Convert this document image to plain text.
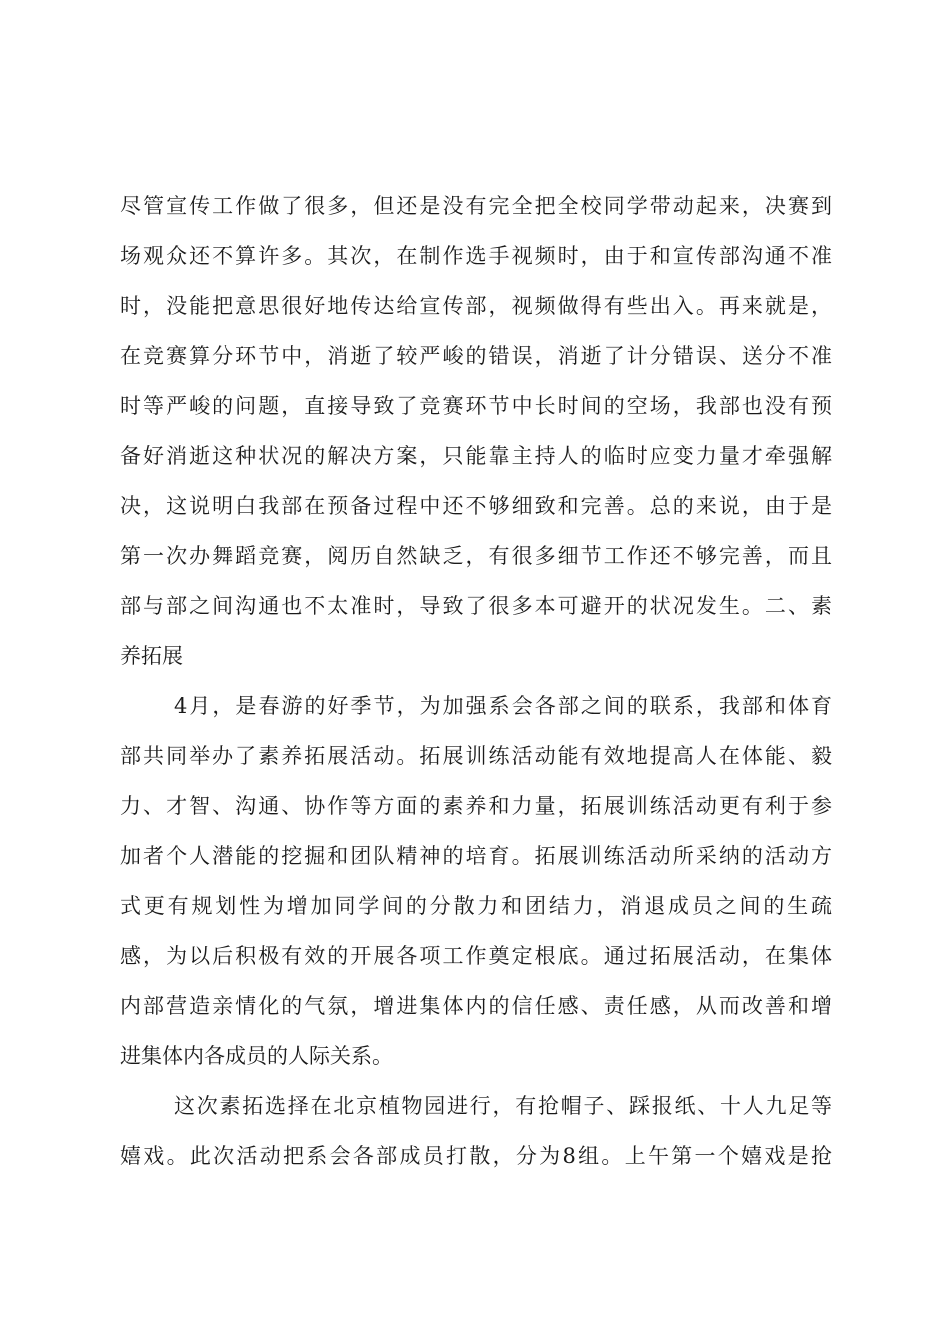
尽管宣传工作做了很多，但还是没有完全把全校同学带动起来，决赛到
场观众还不算许多。其次，在制作选手视频时，由于和宣传部沟通不准
时，没能把意思很好地传达给宣传部，视频做得有些出入。再来就是，
在竞赛算分环节中，消逝了较严峻的错误，消逝了计分错误、送分不准
时等严峻的问题，直接导致了竞赛环节中长时间的空场，我部也没有预
备好消逝这种状况的解决方案，只能靠主持人的临时应变力量才牵强解
决，这说明白我部在预备过程中还不够细致和完善。总的来说，由于是
第一次办舞蹈竞赛，阅历自然缺乏，有很多细节工作还不够完善，而且
部与部之间沟通也不太准时，导致了很多本可避开的状况发生。二、素
养拓展
4月，是春游的好季节，为加强系会各部之间的联系，我部和体育
部共同举办了素养拓展活动。拓展训练活动能有效地提高人在体能、毅
力、才智、沟通、协作等方面的素养和力量，拓展训练活动更有利于参
加者个人潜能的挖掘和团队精神的培育。拓展训练活动所采纳的活动方
式更有规划性为增加同学间的分散力和团结力，消退成员之间的生疏
感，为以后积极有效的开展各项工作奠定根底。通过拓展活动，在集体
内部营造亲情化的气氛，增进集体内的信任感、责任感，从而改善和增
进集体内各成员的人际关系。
这次素拓选择在北京植物园进行，有抢帽子、踩报纸、十人九足等
嬉戏。此次活动把系会各部成员打散，分为8组。上午第一个嬉戏是抢
